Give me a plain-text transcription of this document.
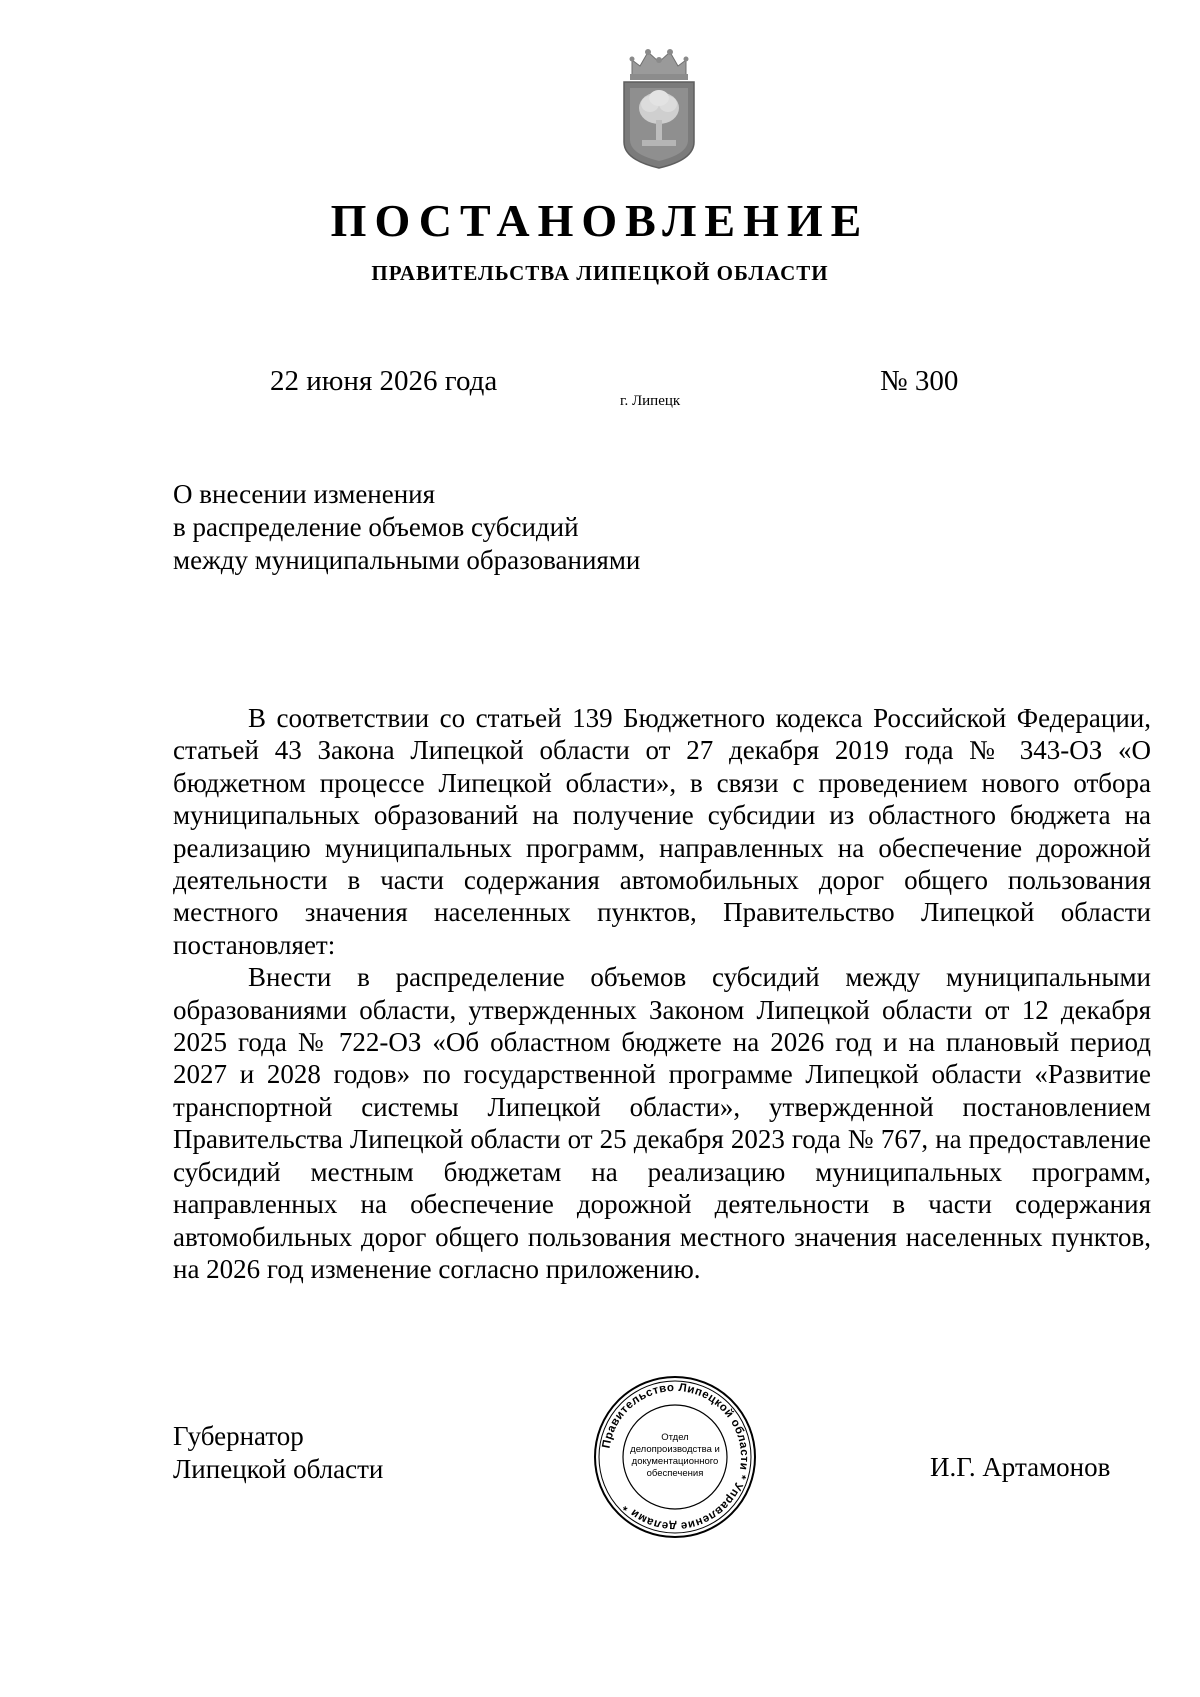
ПОСТАНОВЛЕНИЕ
ПРАВИТЕЛЬСТВА ЛИПЕЦКОЙ ОБЛАСТИ
22 июня 2026 года
г. Липецк
№ 300
О внесении изменения
в распределение объемов субсидий
между муниципальными образованиями

В соответствии со статьей 139 Бюджетного кодекса Российской Федерации, статьей 43 Закона Липецкой области от 27 декабря 2019 года № 343-ОЗ «О бюджетном процессе Липецкой области», в связи с проведением нового отбора муниципальных образований на получение субсидии из областного бюджета на реализацию муниципальных программ, направленных на обеспечение дорожной деятельности в части содержания автомобильных дорог общего пользования местного значения населенных пунктов, Правительство Липецкой области постановляет:

Внести в распределение объемов субсидий между муниципальными образованиями области, утвержденных Законом Липецкой области от 12 декабря 2025 года № 722-ОЗ «Об областном бюджете на 2026 год и на плановый период 2027 и 2028 годов» по государственной программе Липецкой области «Развитие транспортной системы Липецкой области», утвержденной постановлением Правительства Липецкой области от 25 декабря 2023 года № 767, на предоставление субсидий местным бюджетам на реализацию муниципальных программ, направленных на обеспечение дорожной деятельности в части содержания автомобильных дорог общего пользования местного значения населенных пунктов, на 2026 год изменение согласно приложению.

Губернатор
Липецкой области	И.Г. Артамонов
Правительство Липецкой области * Управление делами *
Отдел
делопроизводства и
документационного
обеспечения
